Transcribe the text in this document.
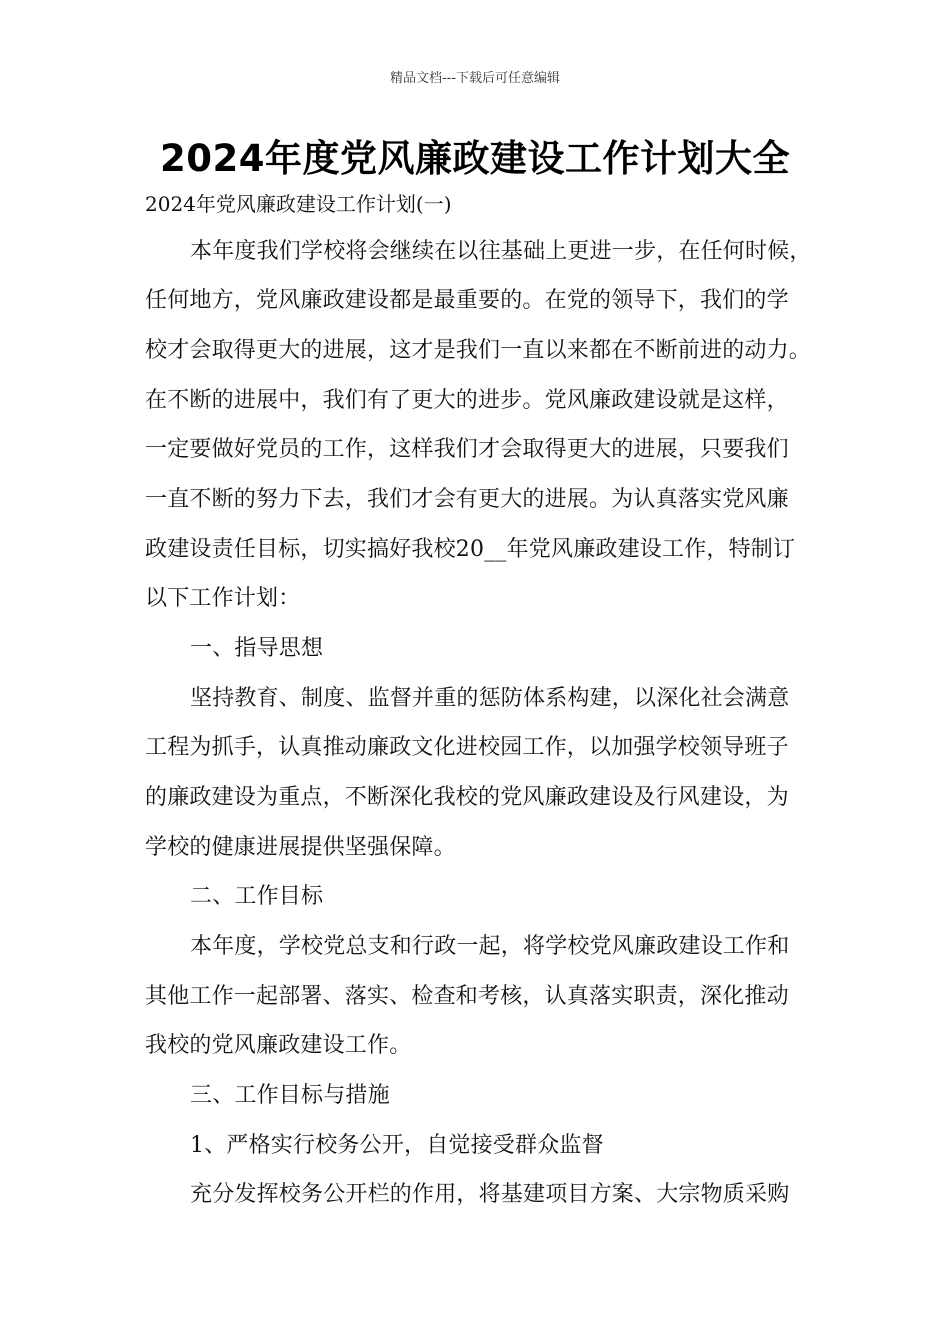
精品文档---下载后可任意编辑
2024年度党风廉政建设工作计划大全
2024年党风廉政建设工作计划(一)
本年度我们学校将会继续在以往基础上更进一步，在任何时候，
任何地方，党风廉政建设都是最重要的。在党的领导下，我们的学
校才会取得更大的进展，这才是我们一直以来都在不断前进的动力。
在不断的进展中，我们有了更大的进步。党风廉政建设就是这样，
一定要做好党员的工作，这样我们才会取得更大的进展，只要我们
一直不断的努力下去，我们才会有更大的进展。为认真落实党风廉
政建设责任目标，切实搞好我校20__年党风廉政建设工作，特制订
以下工作计划：
一、指导思想
坚持教育、制度、监督并重的惩防体系构建，以深化社会满意
工程为抓手，认真推动廉政文化进校园工作，以加强学校领导班子
的廉政建设为重点，不断深化我校的党风廉政建设及行风建设，为
学校的健康进展提供坚强保障。
二、工作目标
本年度，学校党总支和行政一起，将学校党风廉政建设工作和
其他工作一起部署、落实、检查和考核，认真落实职责，深化推动
我校的党风廉政建设工作。
三、工作目标与措施
1、严格实行校务公开，自觉接受群众监督
充分发挥校务公开栏的作用，将基建项目方案、大宗物质采购
